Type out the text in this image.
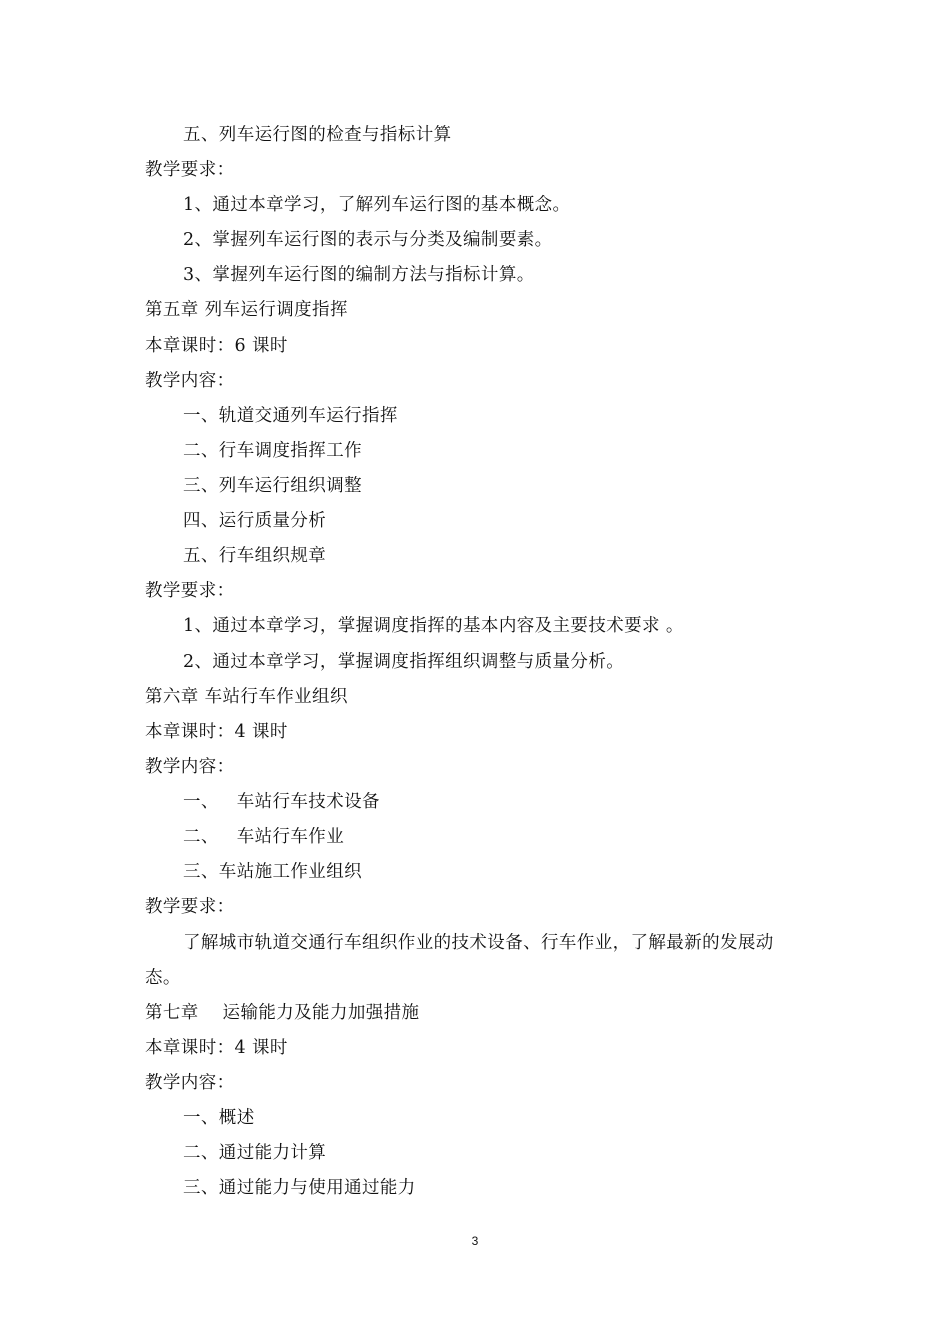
五、列车运行图的检查与指标计算
教学要求：
1、通过本章学习，了解列车运行图的基本概念。
2、掌握列车运行图的表示与分类及编制要素。
3、掌握列车运行图的编制方法与指标计算。
第五章 列车运行调度指挥
本章课时：6 课时
教学内容：
一、轨道交通列车运行指挥
二、行车调度指挥工作
三、列车运行组织调整
四、运行质量分析
五、行车组织规章
教学要求：
1、通过本章学习，掌握调度指挥的基本内容及主要技术要求 。
2、通过本章学习，掌握调度指挥组织调整与质量分析。
第六章 车站行车作业组织
本章课时：4 课时
教学内容：
一、   车站行车技术设备
二、   车站行车作业
三、车站施工作业组织
教学要求：
了解城市轨道交通行车组织作业的技术设备、行车作业，了解最新的发展动
态。
第七章    运输能力及能力加强措施
本章课时：4 课时
教学内容：
一、概述
二、通过能力计算
三、通过能力与使用通过能力
3
